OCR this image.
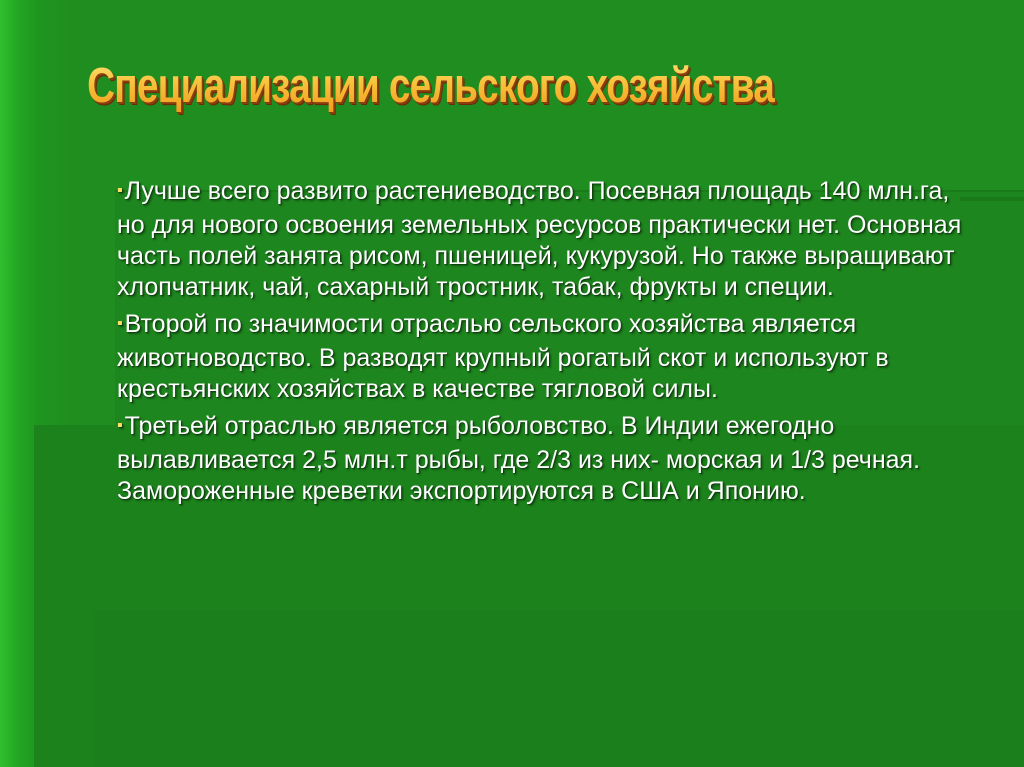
Специализации сельского хозяйства

▪Лучше всего развито растениеводство. Посевная площадь 140 млн.га, но для нового освоения земельных ресурсов практически нет. Основная часть полей занята рисом, пшеницей, кукурузой. Но также выращивают хлопчатник, чай, сахарный тростник, табак, фрукты и специи.

▪Второй по значимости отраслью сельского хозяйства является животноводство. В разводят крупный рогатый скот и используют в крестьянских хозяйствах в качестве тягловой силы.

▪Третьей отраслью является рыболовство. В Индии ежегодно вылавливается 2,5 млн.т рыбы, где 2/3 из них- морская и 1/3 речная. Замороженные креветки экспортируются в США и Японию.
